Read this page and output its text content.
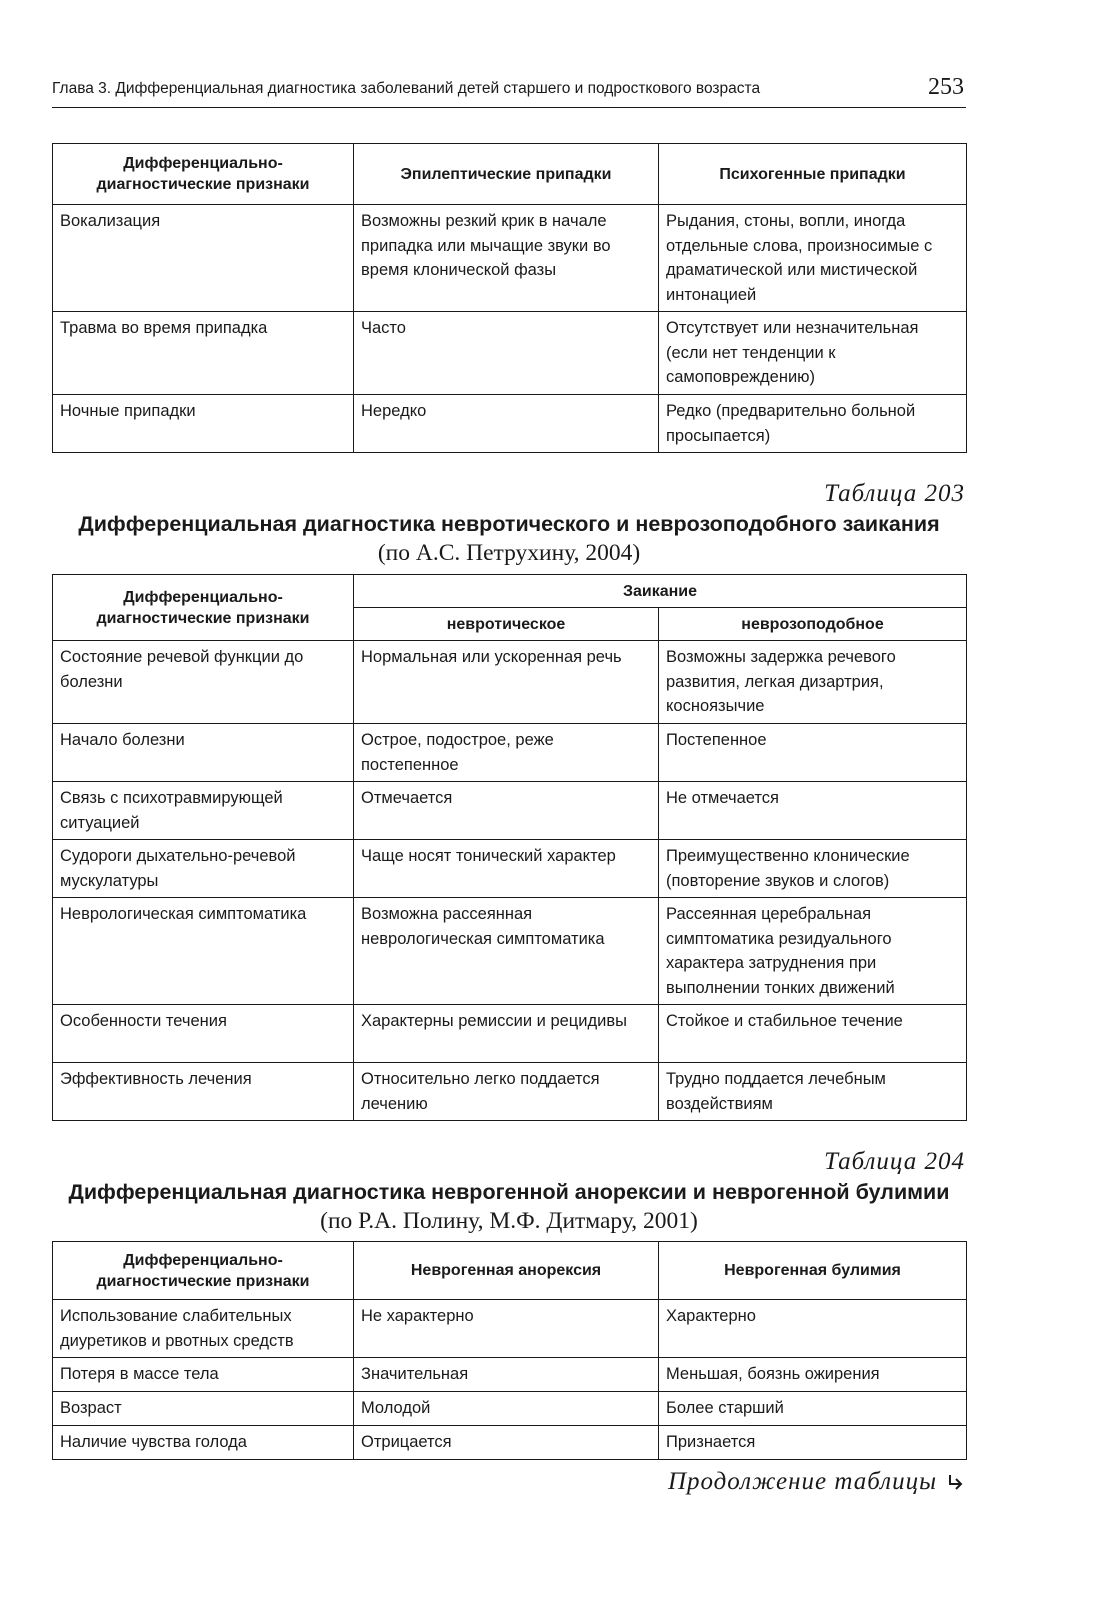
Глава 3. Дифференциальная диагностика заболеваний детей старшего и подросткового возраста	253
Дифференциально-диагностические признаки	Эпилептические припадки	Психогенные припадки
Вокализация	Возможны резкий крик в начале припадка или мычащие звуки во время клонической фазы	Рыдания, стоны, вопли, иногда отдельные слова, произносимые с драматической или мистической интонацией
Травма во время припадка	Часто	Отсутствует или незначительная (если нет тенденции к самоповреждению)
Ночные припадки	Нередко	Редко (предварительно больной просыпается)
Таблица 203
Дифференциальная диагностика невротического и неврозоподобного заикания
(по А.С. Петрухину, 2004)
Дифференциально-диагностические признаки	Заикание	
	невротическое	неврозоподобное
Состояние речевой функции до болезни	Нормальная или ускоренная речь	Возможны задержка речевого развития, легкая дизартрия, косноязычие
Начало болезни	Острое, подострое, реже постепенное	Постепенное
Связь с психотравмирующей ситуацией	Отмечается	Не отмечается
Судороги дыхательно-речевой мускулатуры	Чаще носят тонический характер	Преимущественно клонические (повторение звуков и слогов)
Неврологическая симптоматика	Возможна рассеянная неврологическая симптоматика	Рассеянная церебральная симптоматика резидуального характера затруднения при выполнении тонких движений
Особенности течения	Характерны ремиссии и рецидивы	Стойкое и стабильное течение
Эффективность лечения	Относительно легко поддается лечению	Трудно поддается лечебным воздействиям
Таблица 204
Дифференциальная диагностика неврогенной анорексии и неврогенной булимии
(по Р.А. Полину, М.Ф. Дитмару, 2001)
Дифференциально-диагностические признаки	Неврогенная анорексия	Неврогенная булимия
Использование слабительных диуретиков и рвотных средств	Не характерно	Характерно
Потеря в массе тела	Значительная	Меньшая, боязнь ожирения
Возраст	Молодой	Более старший
Наличие чувства голода	Отрицается	Признается
Продолжение таблицы
